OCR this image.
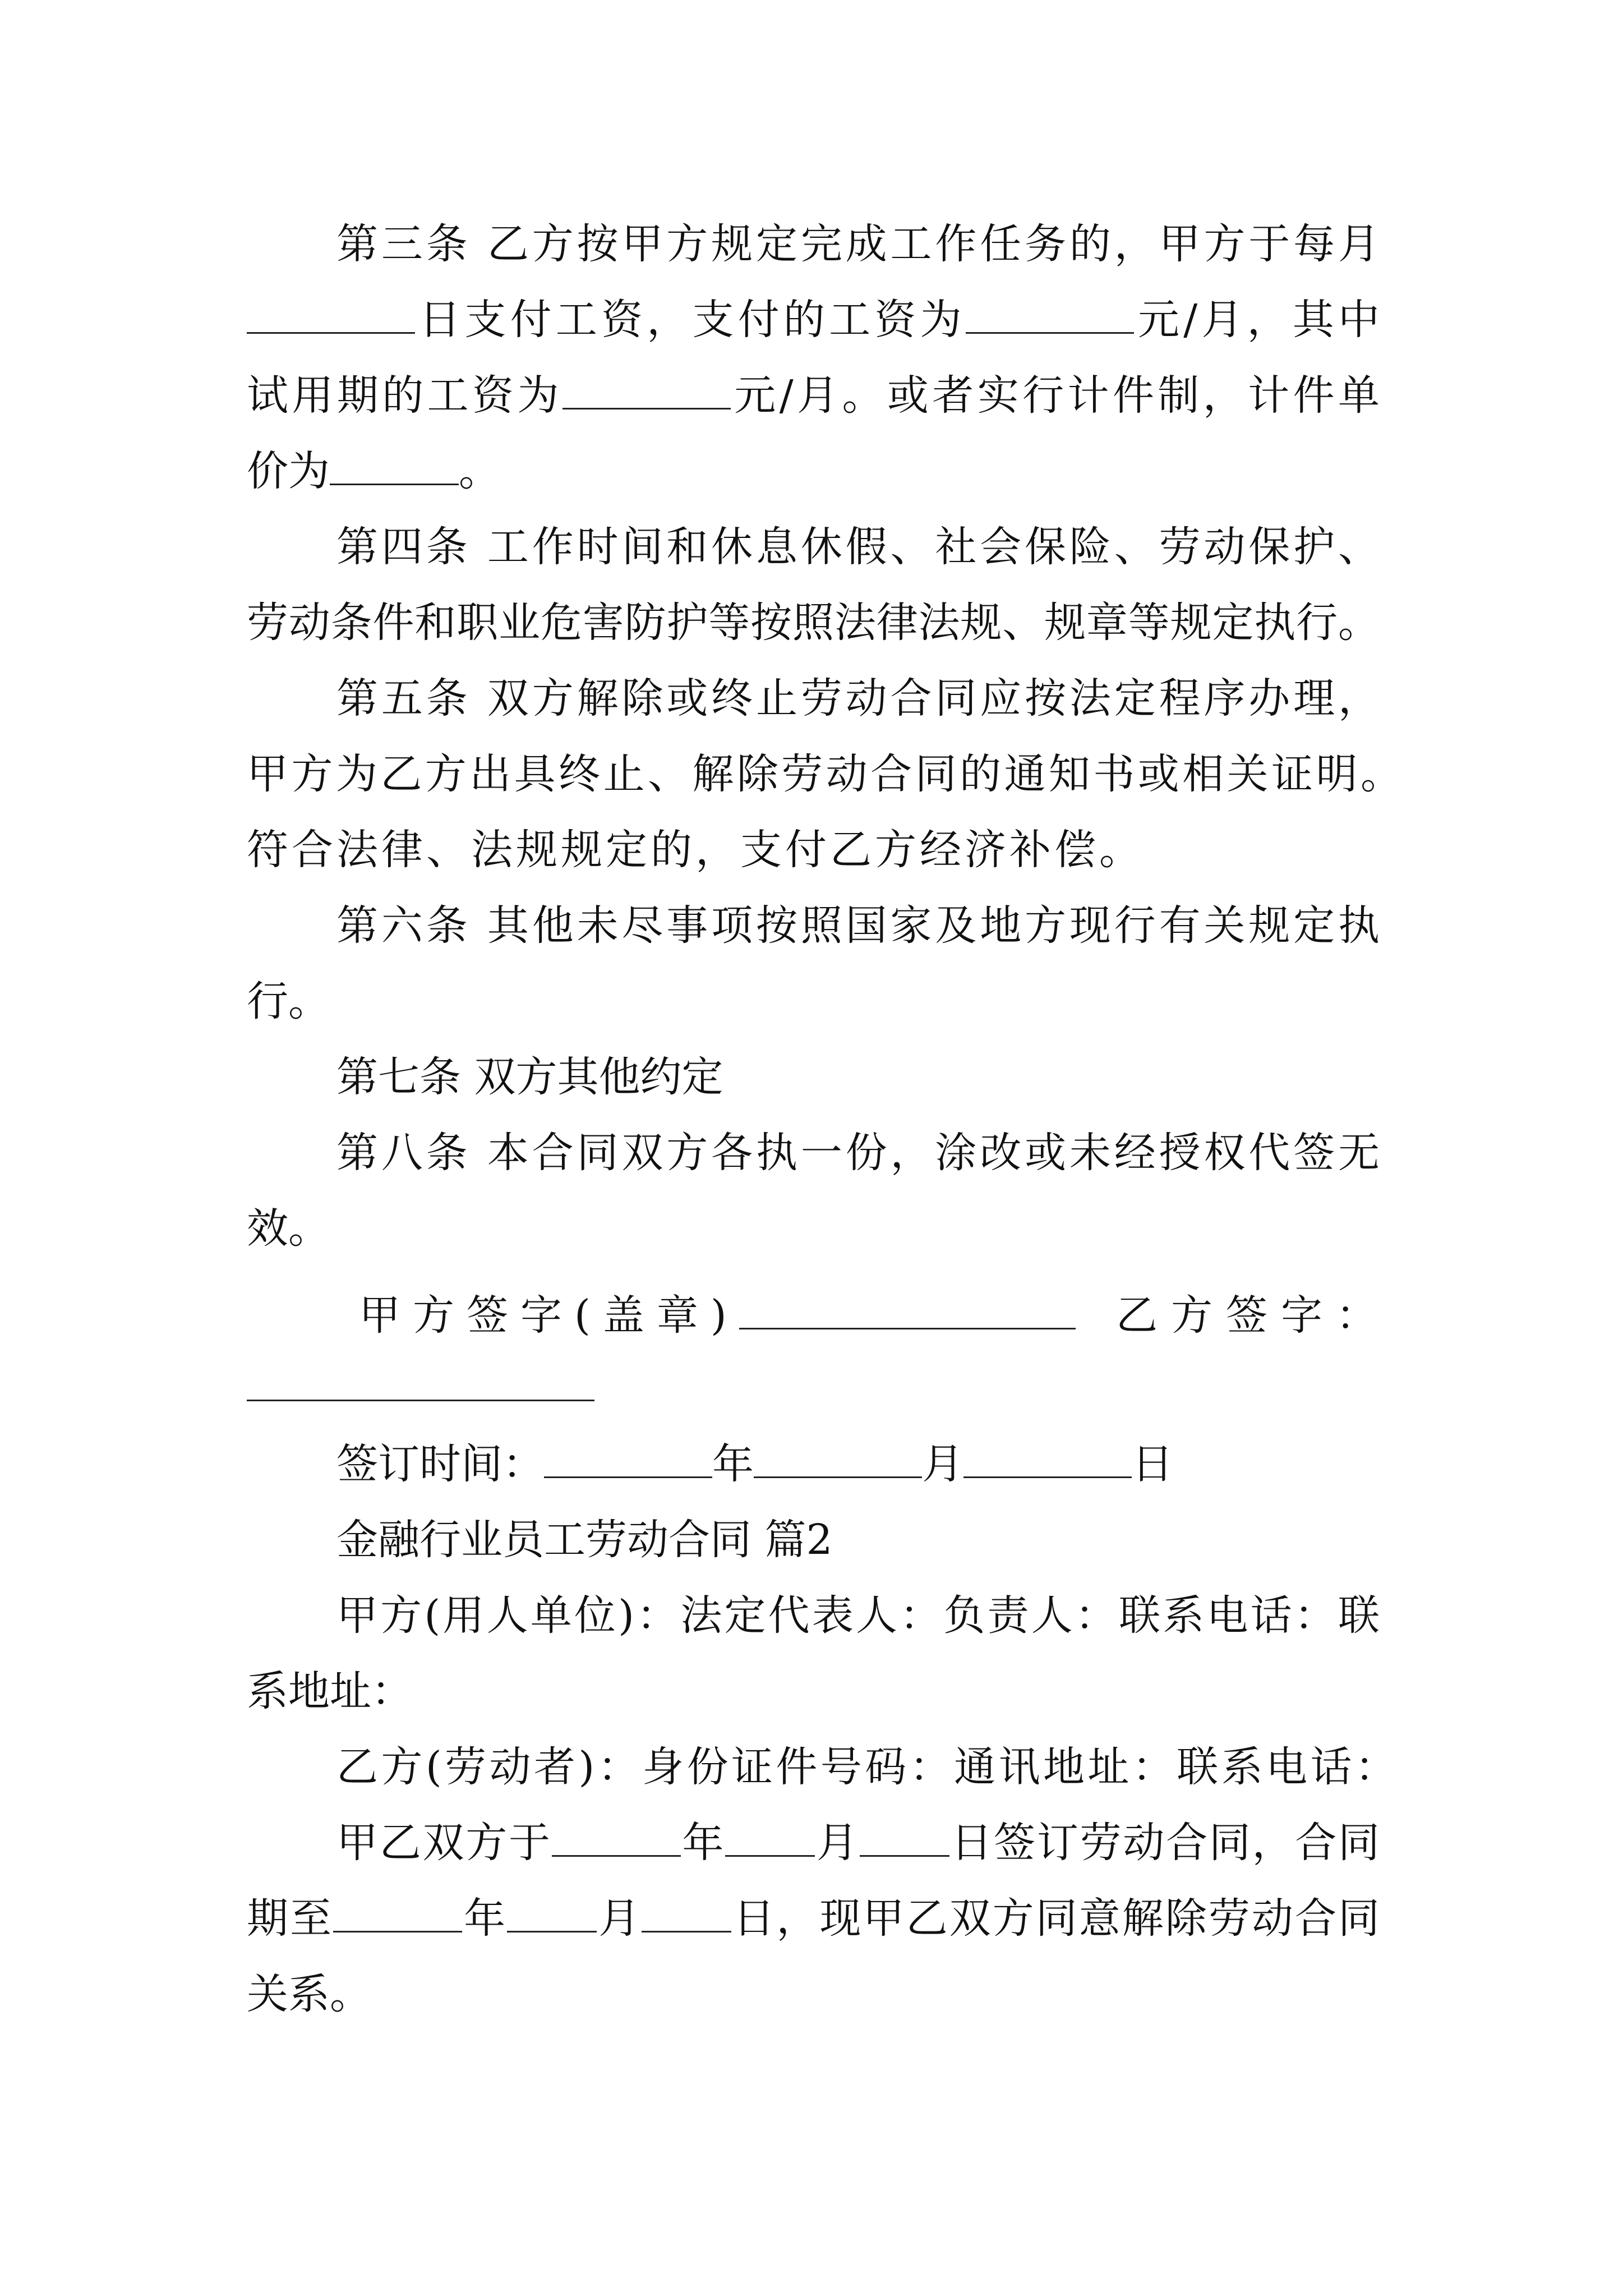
第三条 乙方按甲方规定完成工作任务的，甲方于每月
日支付工资，支付的工资为	元/月，其中
试用期的工资为	元/月。或者实行计件制，计件单
价为	。
第四条 工作时间和休息休假、社会保险、劳动保护、
劳动条件和职业危害防护等按照法律法规、规章等规定执行。
第五条 双方解除或终止劳动合同应按法定程序办理，
甲方为乙方出具终止、解除劳动合同的通知书或相关证明。
符合法律、法规规定的，支付乙方经济补偿。
第六条 其他未尽事项按照国家及地方现行有关规定执
行。
第七条 双方其他约定
第八条 本合同双方各执一份，涂改或未经授权代签无
效。
甲方签字(盖章)	乙方签字：
签订时间：	年	月	日
金融行业员工劳动合同 篇2
甲方(用人单位)：法定代表人：负责人：联系电话：联
系地址：
乙方(劳动者)：身份证件号码：通讯地址：联系电话：
甲乙双方于	年 月 日签订劳动合同，合同
期至	年 月 日，现甲乙双方同意解除劳动合同
关系。
